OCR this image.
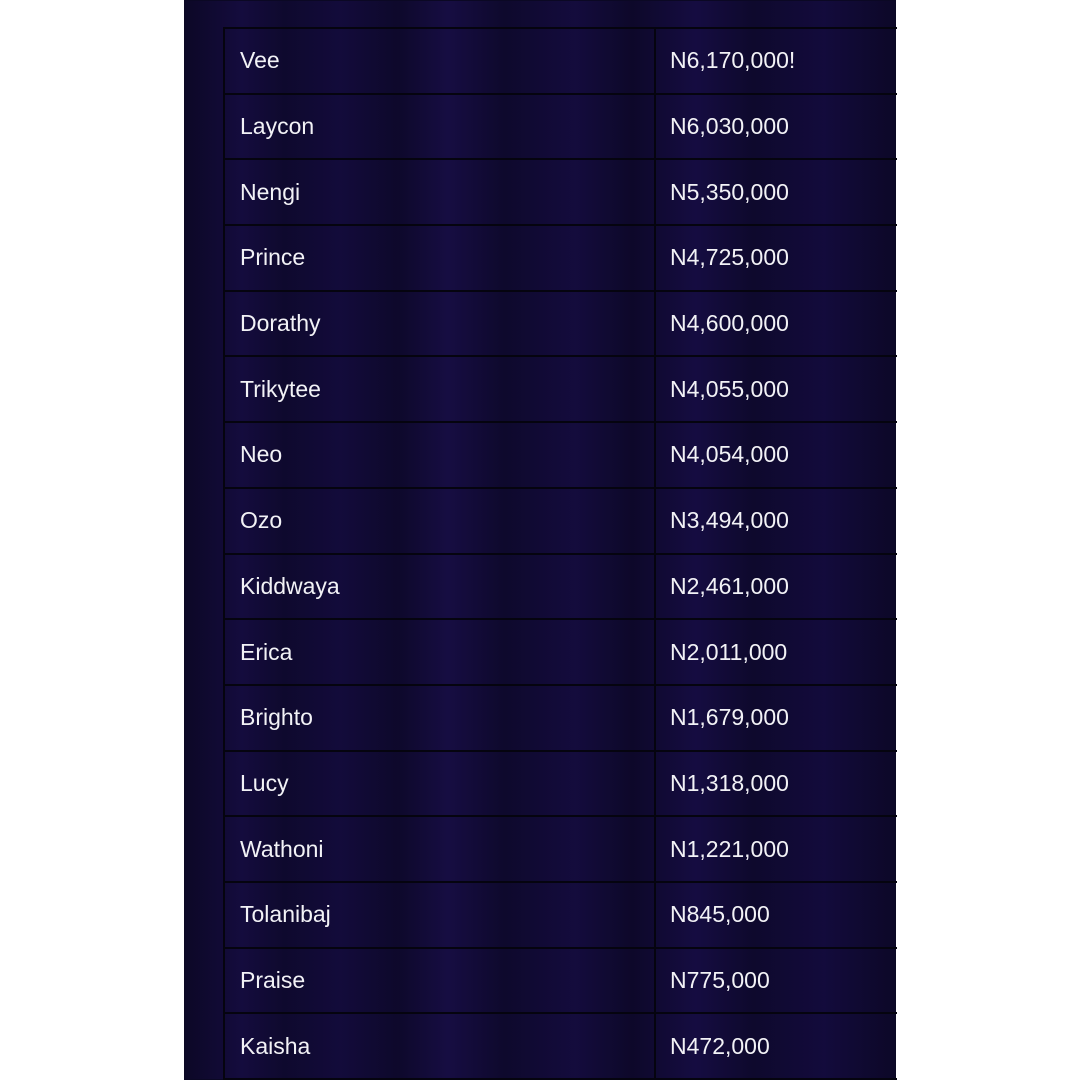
Vee	N6,170,000!
Laycon	N6,030,000
Nengi	N5,350,000
Prince	N4,725,000
Dorathy	N4,600,000
Trikytee	N4,055,000
Neo	N4,054,000
Ozo	N3,494,000
Kiddwaya	N2,461,000
Erica	N2,011,000
Brighto	N1,679,000
Lucy	N1,318,000
Wathoni	N1,221,000
Tolanibaj	N845,000
Praise	N775,000
Kaisha	N472,000
